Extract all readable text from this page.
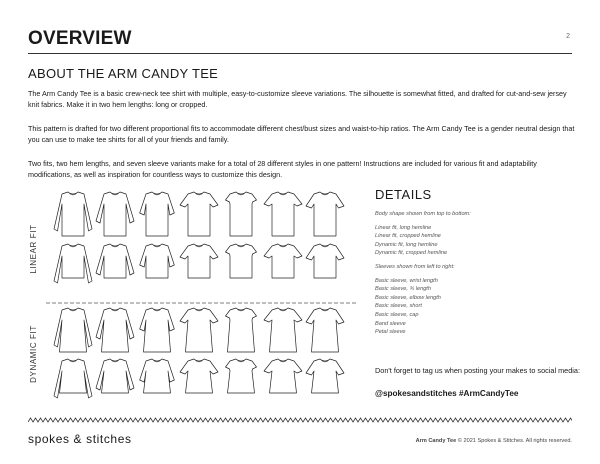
OVERVIEW	2
ABOUT THE ARM CANDY TEE
The Arm Candy Tee is a basic crew-neck tee shirt with multiple, easy-to-customize sleeve variations. The silhouette is somewhat fitted, and drafted for cut-and-sew jersey knit fabrics. Make it in two hem lengths: long or cropped.
This pattern is drafted for two different proportional fits to accommodate different chest/bust sizes and waist-to-hip ratios. The Arm Candy Tee is a gender neutral design that you can use to make tee shirts for all of your friends and family.
Two fits, two hem lengths, and seven sleeve variants make for a total of 28 different styles in one pattern! Instructions are included for various fit and adaptability modifications, as well as inspiration for countless ways to customize this design.
LINEAR FIT
DYNAMIC FIT
DETAILS
Body shape shown from top to bottom:
Linear fit, long hemline
Linear fit, cropped hemline
Dynamic fit, long hemline
Dynamic fit, cropped hemline
Sleeves shown from left to right:
Basic sleeve, wrist length
Basic sleeve, ¾ length
Basic sleeve, elbow length
Basic sleeve, short
Basic sleeve, cap
Band sleeve
Petal sleeve
Don't forget to tag us when posting your makes to social media:
@spokesandstitches #ArmCandyTee
spokes & stitches	Arm Candy Tee © 2021 Spokes & Stitches. All rights reserved.
